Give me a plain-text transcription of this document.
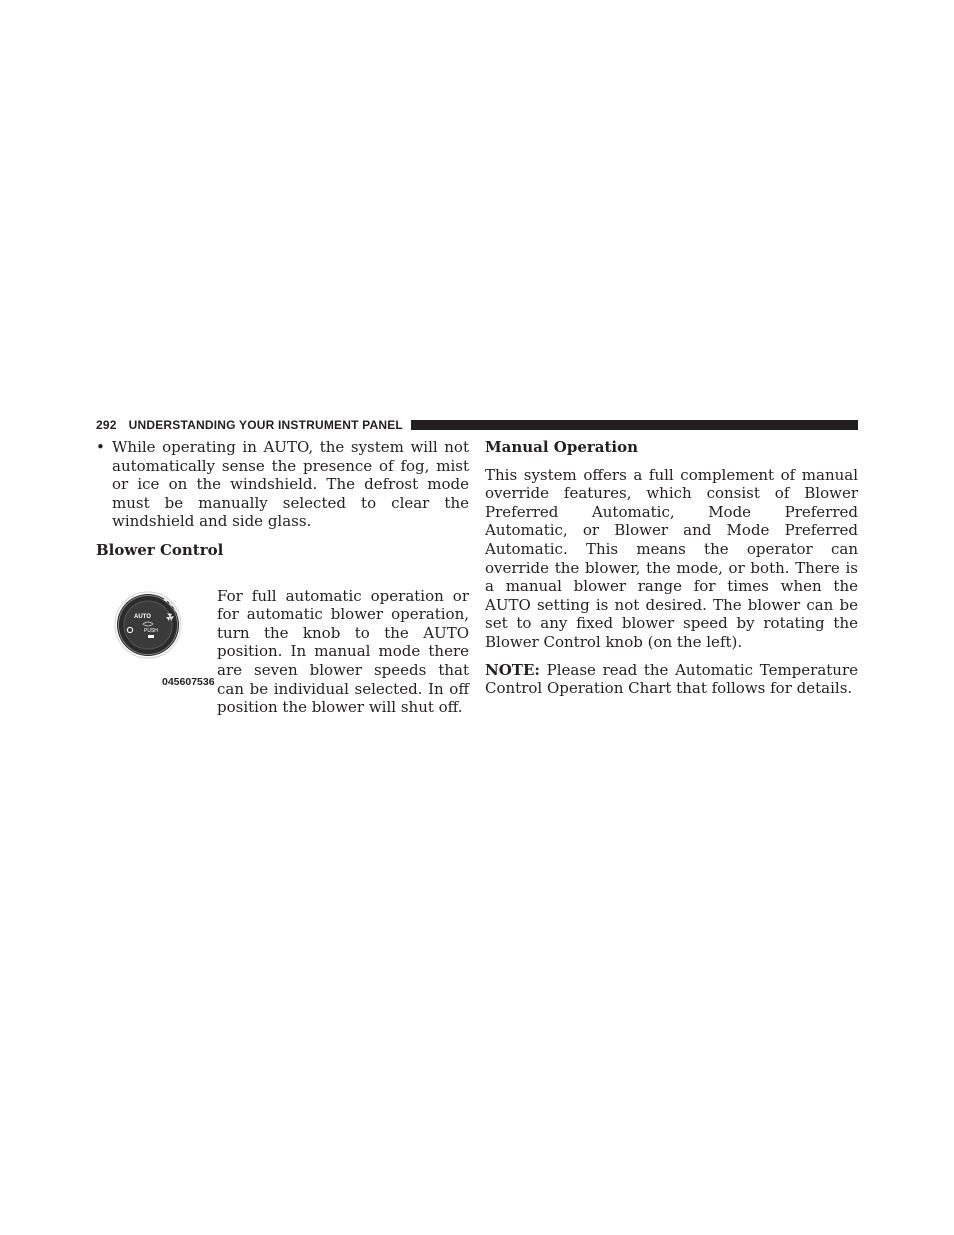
292 UNDERSTANDING YOUR INSTRUMENT PANEL

• While operating in AUTO, the system will not automatically sense the presence of fog, mist or ice on the windshield. The defrost mode must be manually selected to clear the windshield and side glass.

Blower Control
AUTO
PUSH
045607536

For full automatic operation or for automatic blower operation, turn the knob to the AUTO position. In manual mode there are seven blower speeds that can be individual selected. In off position the blower will shut off.

Manual Operation

This system offers a full complement of manual override features, which consist of Blower Preferred Automatic, Mode Preferred Automatic, or Blower and Mode Preferred Automatic. This means the operator can override the blower, the mode, or both. There is a manual blower range for times when the AUTO setting is not desired. The blower can be set to any fixed blower speed by rotating the Blower Control knob (on the left).

NOTE: Please read the Automatic Temperature Control Operation Chart that follows for details.
